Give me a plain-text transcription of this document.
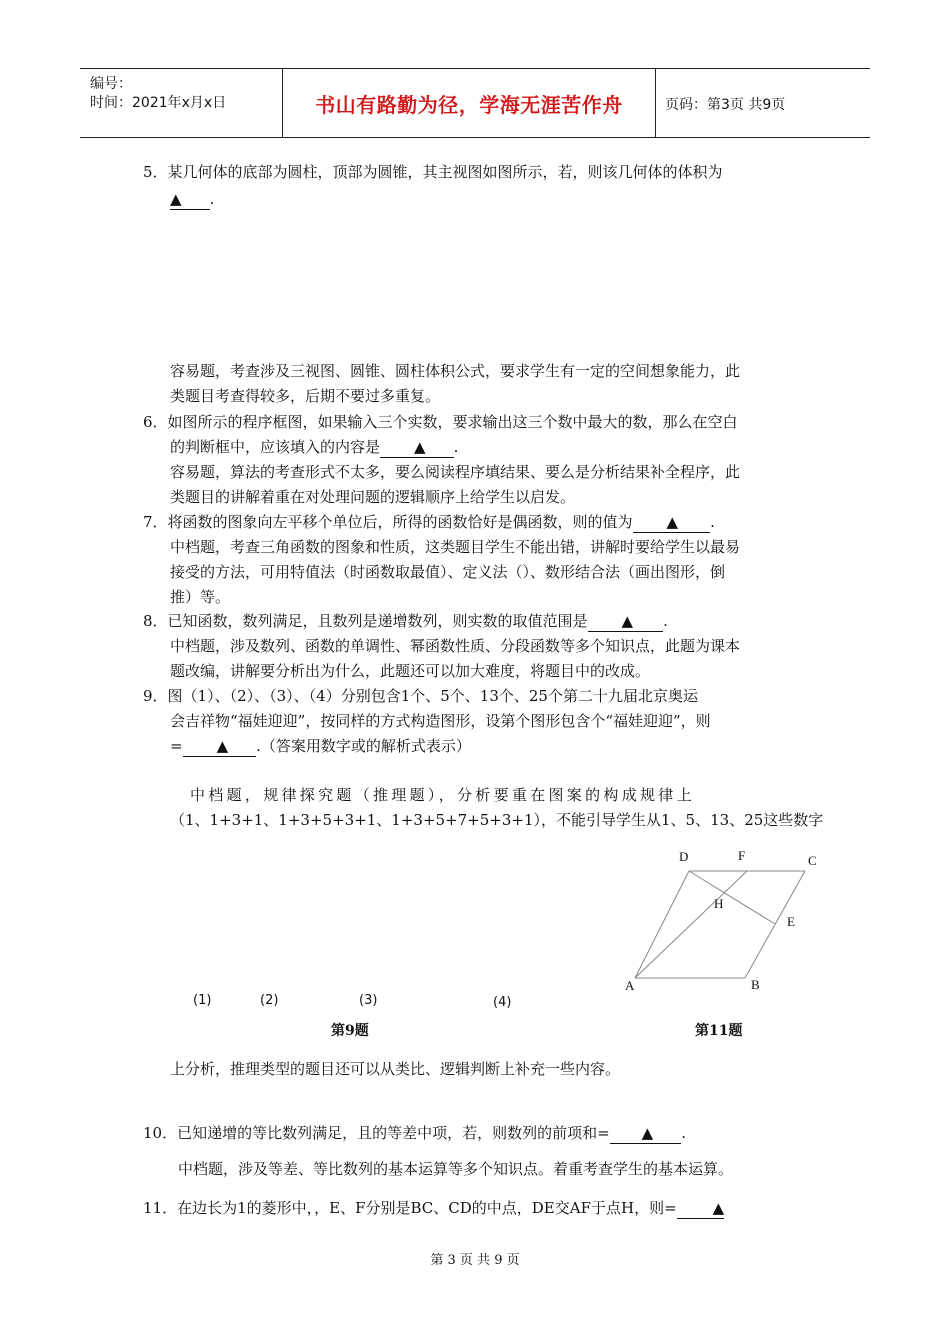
编号：
时间：2021年x月x日	书山有路勤为径，学海无涯苦作舟	页码：第3页 共9页
5．某几何体的底部为圆柱，顶部为圆锥，其主视图如图所示，若，则该几何体的体积为
▲ .
容易题，考查涉及三视图、圆锥、圆柱体积公式，要求学生有一定的空间想象能力，此
类题目考查得较多，后期不要过多重复。
6．如图所示的程序框图，如果输入三个实数，要求输出这三个数中最大的数，那么在空白
的判断框中，应该填入的内容是 ▲ .
容易题，算法的考查形式不太多，要么阅读程序填结果、要么是分析结果补全程序，此
类题目的讲解着重在对处理问题的逻辑顺序上给学生以启发。
7．将函数的图象向左平移个单位后，所得的函数恰好是偶函数，则的值为 ▲ .
中档题，考查三角函数的图象和性质，这类题目学生不能出错，讲解时要给学生以最易
接受的方法，可用特值法（时函数取最值）、定义法（）、数形结合法（画出图形，倒
推）等。
8．已知函数，数列满足，且数列是递增数列，则实数的取值范围是 ▲ .
中档题，涉及数列、函数的单调性、幂函数性质、分段函数等多个知识点，此题为课本
题改编，讲解要分析出为什么，此题还可以加大难度，将题目中的改成。
9．图（1）、（2）、（3）、（4）分别包含1个、5个、13个、25个第二十九届北京奥运
会吉祥物“福娃迎迎”，按同样的方式构造图形，设第个图形包含个“福娃迎迎”，则
= ▲ .（答案用数字或的解析式表示）
中档题，规律探究题（推理题），分析要重在图案的构成规律上
（1、1+3+1、1+3+5+3+1、1+3+5+7+5+3+1），不能引导学生从1、5、13、25这些数字
(1)	(2)	(3)	(4)
第9题	第11题
D	F	C
H
E
A	B
上分析，推理类型的题目还可以从类比、逻辑判断上补充一些内容。
10．已知递增的等比数列满足，且的等差中项，若，则数列的前项和= ▲ .
中档题，涉及等差、等比数列的基本运算等多个知识点。着重考查学生的基本运算。
11．在边长为1的菱形中，，E、F分别是BC、CD的中点，DE交AF于点H，则= ▲
第 3 页 共 9 页
